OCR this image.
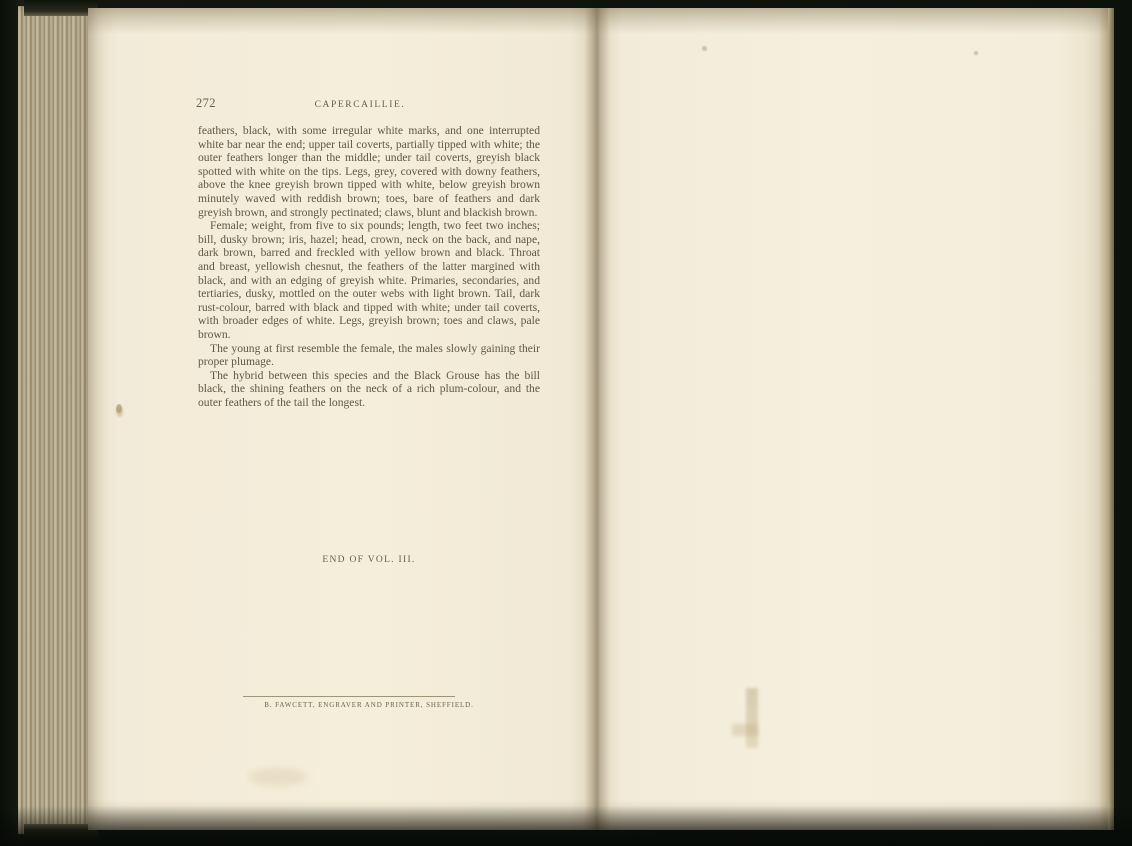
272	CAPERCAILLIE.

feathers, black, with some irregular white marks, and one interrupted white bar near the end; upper tail coverts, partially tipped with white; the outer feathers longer than the middle; under tail coverts, greyish black spotted with white on the tips. Legs, grey, covered with downy feathers, above the knee greyish brown tipped with white, below greyish brown minutely waved with reddish brown; toes, bare of feathers and dark greyish brown, and strongly pectinated; claws, blunt and blackish brown.

Female; weight, from five to six pounds; length, two feet two inches; bill, dusky brown; iris, hazel; head, crown, neck on the back, and nape, dark brown, barred and freckled with yellow brown and black. Throat and breast, yellowish chesnut, the feathers of the latter margined with black, and with an edging of greyish white. Primaries, secondaries, and tertiaries, dusky, mottled on the outer webs with light brown. Tail, dark rust-colour, barred with black and tipped with white; under tail coverts, with broader edges of white. Legs, greyish brown; toes and claws, pale brown.

The young at first resemble the female, the males slowly gaining their proper plumage.

The hybrid between this species and the Black Grouse has the bill black, the shining feathers on the neck of a rich plum-colour, and the outer feathers of the tail the longest.

END OF VOL. III.
B. FAWCETT, ENGRAVER AND PRINTER, SHEFFIELD.
